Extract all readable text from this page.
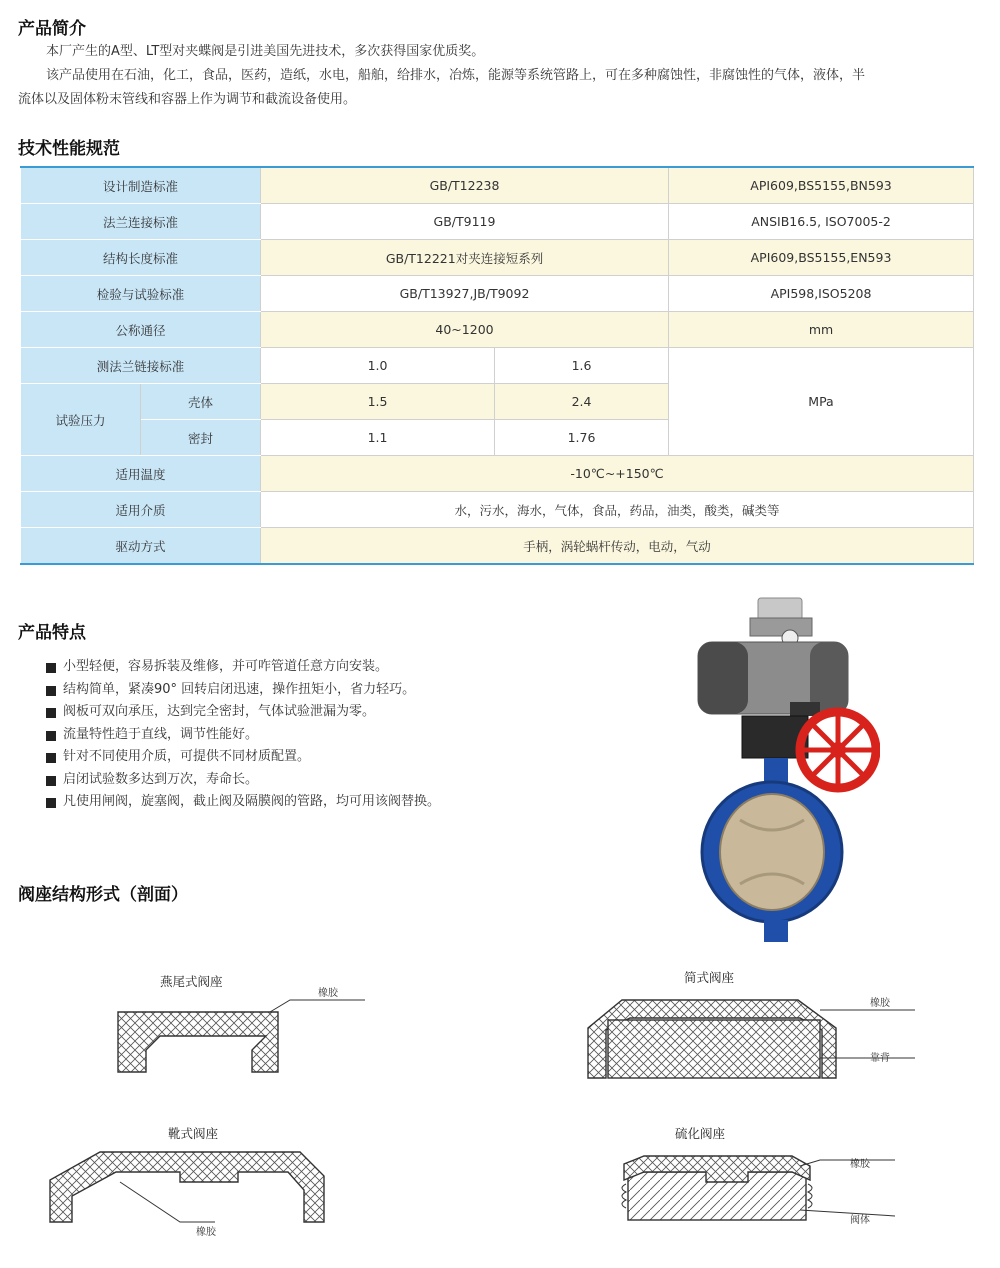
产品简介

本厂产生的A型、LT型对夹蝶阀是引进美国先进技术，多次获得国家优质奖。

该产品使用在石油，化工，食品，医药，造纸，水电，船舶，给排水，冶炼，能源等系统管路上，可在多种腐蚀性，非腐蚀性的气体，液体，半

流体以及固体粉末管线和容器上作为调节和截流设备使用。

技术性能规范
设计制造标准		GB/T12238		API609,BS5155,BN593
法兰连接标准		GB/T9119		ANSIB16.5, ISO7005-2
结构长度标准		GB/T12221对夹连接短系列		API609,BS5155,EN593
检验与试验标准		GB/T13927,JB/T9092		API598,ISO5208
公称通径		40~1200		mm
测法兰链接标准		1.0	1.6	MPa
试验压力	壳体	1.5	2.4	
	密封	1.1	1.76	
适用温度		-10℃~+150℃		
适用介质		水，污水，海水，气体，食品，药品，油类，酸类，碱类等		
驱动方式		手柄，涡轮蜗杆传动，电动，气动		
产品特点
小型轻便，容易拆装及维修，并可咋管道任意方向安装。
结构简单，紧凑90° 回转启闭迅速，操作扭矩小，省力轻巧。
阀板可双向承压，达到完全密封，气体试验泄漏为零。
流量特性趋于直线，调节性能好。
针对不同使用介质，可提供不同材质配置。
启闭试验数多达到万次，寿命长。
凡使用闸阀，旋塞阀，截止阀及隔膜阀的管路，均可用该阀替换。
阀座结构形式（剖面）
燕尾式阀座
橡胶
简式阀座
橡胶
靠背
靴式阀座
橡胶
硫化阀座
橡胶
阀体
